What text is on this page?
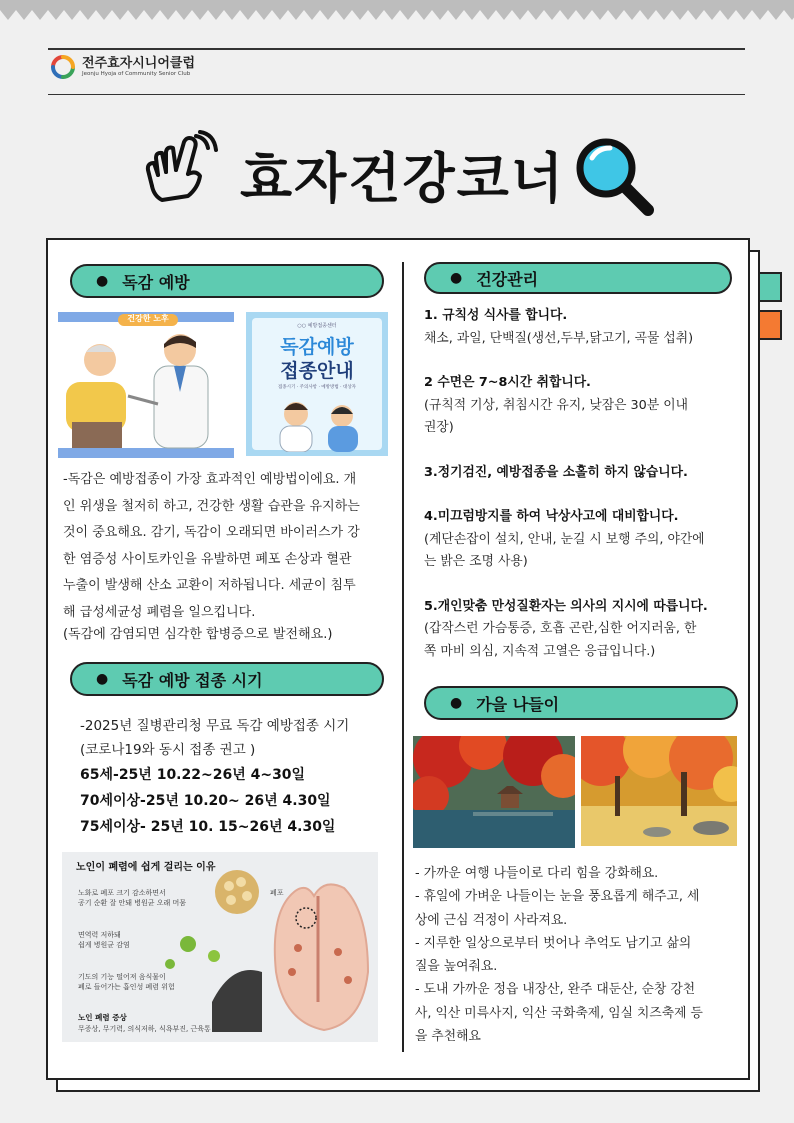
전주효자시니어클럽
Jeonju Hyoja of Community Senior Club
효자건강코너
● 독감 예방
건강한 노후
○○ 예방접종센터
독감예방
접종안내
접종시기 · 주의사항 · 예방방법 · 대상자
-독감은 예방접종이 가장 효과적인 예방법이에요. 개
인 위생을 철저히 하고, 건강한 생활 습관을 유지하는
것이 중요해요. 감기, 독감이 오래되면 바이러스가 강
한 염증성 사이토카인을 유발하면 폐포 손상과 혈관
누출이 발생해 산소 교환이 저하됩니다. 세균이 침투
해 급성세균성 폐렴을 일으킵니다.
(독감에 감염되면 심각한 합병증으로 발전해요.)
● 독감 예방 접종 시기
-2025년 질병관리청 무료 독감 예방접종 시기
(코로나19와 동시 접종 권고 )
65세-25년 10.22~26년 4~30일
70세이상-25년 10.20~ 26년 4.30일
75세이상- 25년 10. 15~26년 4.30일
노인이 폐렴에 쉽게 걸리는 이유
노화로 폐포 크기 감소하면서
공기 순환 잘 안돼 병원균 오래 머뭄
면역력 저하돼
쉽게 병원균 감염
기도의 기능 떨어져 음식물이
폐로 들어가는 흡인성 폐렴 위험
노인 폐렴 증상
무증상, 무기력, 의식저하, 식욕부진, 근육통
폐포
● 건강관리
1. 규칙성 식사를 합니다.
채소, 과일, 단백질(생선,두부,닭고기, 곡물 섭취)
2 수면은 7~8시간 취합니다.
(규칙적 기상, 취침시간 유지, 낮잠은 30분 이내
권장)
3.정기검진, 예방접종을 소홀히 하지 않습니다.
4.미끄럼방지를 하여 낙상사고에 대비합니다.
(계단손잡이 설치, 안내, 눈길 시 보행 주의, 야간에
는 밝은 조명 사용)
5.개인맞춤 만성질환자는 의사의 지시에 따릅니다.
(갑작스런 가슴통증, 호흡 곤란,심한 어지러움, 한
쪽 마비 의심, 지속적 고열은 응급입니다.)
● 가을 나들이
- 가까운 여행 나들이로 다리 힘을 강화해요.
- 휴일에 가벼운 나들이는 눈을 풍요롭게 해주고, 세
상에 근심 걱정이 사라져요.
- 지루한 일상으로부터 벗어나 추억도 남기고 삶의
질을 높여줘요.
- 도내 가까운 정읍 내장산, 완주 대둔산, 순창 강천
사, 익산 미륵사지, 익산 국화축제, 임실 치즈축제 등
을 추천해요
